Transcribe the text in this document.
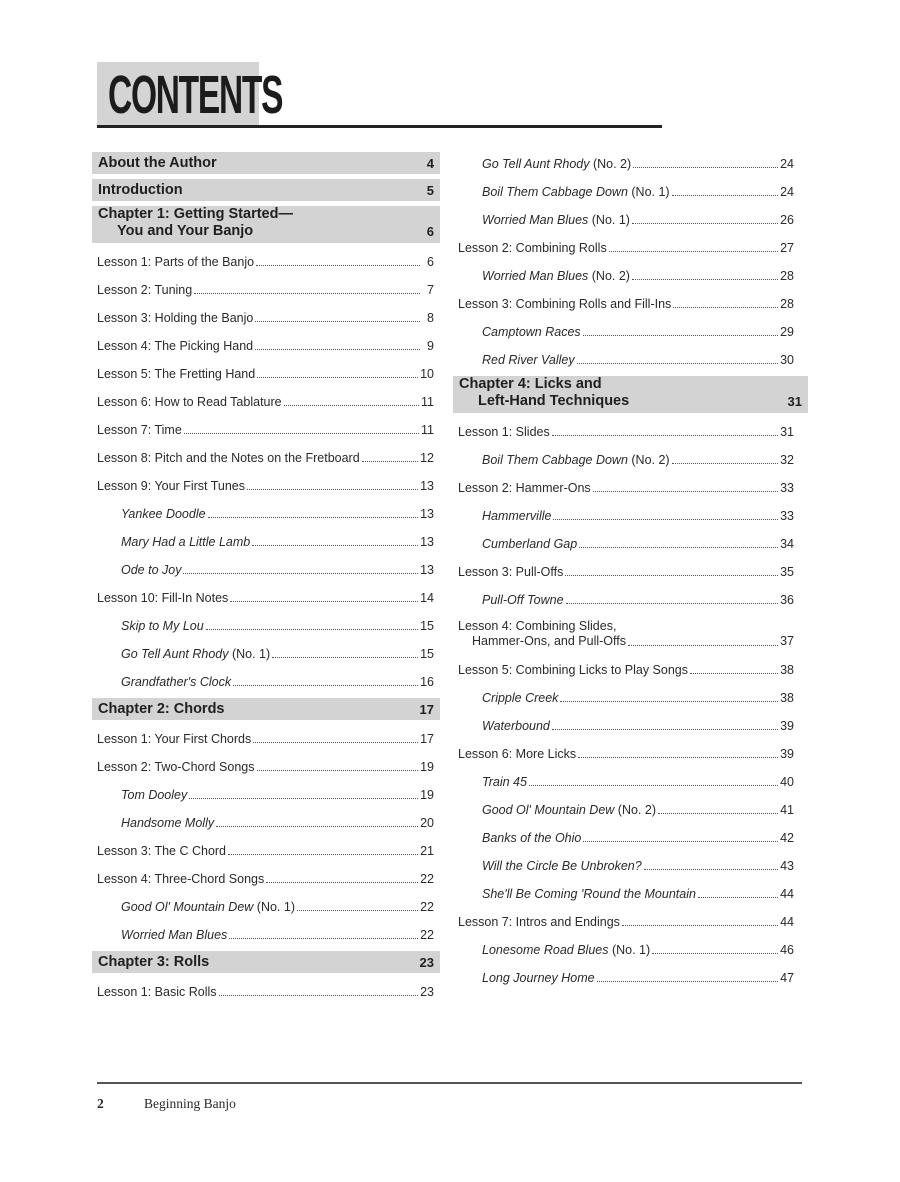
CONTENTS
About the Author	4
Introduction	5
Chapter 1: Getting Started—
You and Your Banjo	6
Lesson 1: Parts of the Banjo	6
Lesson 2: Tuning	7
Lesson 3: Holding the Banjo	8
Lesson 4: The Picking Hand	9
Lesson 5: The Fretting Hand	10
Lesson 6: How to Read Tablature	11
Lesson 7: Time	11
Lesson 8: Pitch and the Notes on the Fretboard	12
Lesson 9: Your First Tunes	13
Yankee Doodle	13
Mary Had a Little Lamb	13
Ode to Joy	13
Lesson 10: Fill-In Notes	14
Skip to My Lou	15
Go Tell Aunt Rhody (No. 1)	15
Grandfather's Clock	16
Chapter 2: Chords	17
Lesson 1: Your First Chords	17
Lesson 2: Two-Chord Songs	19
Tom Dooley	19
Handsome Molly	20
Lesson 3: The C Chord	21
Lesson 4: Three-Chord Songs	22
Good Ol' Mountain Dew (No. 1)	22
Worried Man Blues	22
Chapter 3: Rolls	23
Lesson 1: Basic Rolls	23
Go Tell Aunt Rhody (No. 2)	24
Boil Them Cabbage Down (No. 1)	24
Worried Man Blues (No. 1)	26
Lesson 2: Combining Rolls	27
Worried Man Blues (No. 2)	28
Lesson 3: Combining Rolls and Fill-Ins	28
Camptown Races	29
Red River Valley	30
Chapter 4: Licks and
Left-Hand Techniques	31
Lesson 1: Slides	31
Boil Them Cabbage Down (No. 2)	32
Lesson 2: Hammer-Ons	33
Hammerville	33
Cumberland Gap	34
Lesson 3: Pull-Offs	35
Pull-Off Towne	36
Lesson 4: Combining Slides,
Hammer-Ons, and Pull-Offs	37
Lesson 5: Combining Licks to Play Songs	38
Cripple Creek	38
Waterbound	39
Lesson 6: More Licks	39
Train 45	40
Good Ol' Mountain Dew (No. 2)	41
Banks of the Ohio	42
Will the Circle Be Unbroken?	43
She'll Be Coming 'Round the Mountain	44
Lesson 7: Intros and Endings	44
Lonesome Road Blues (No. 1)	46
Long Journey Home	47
2	Beginning Banjo
